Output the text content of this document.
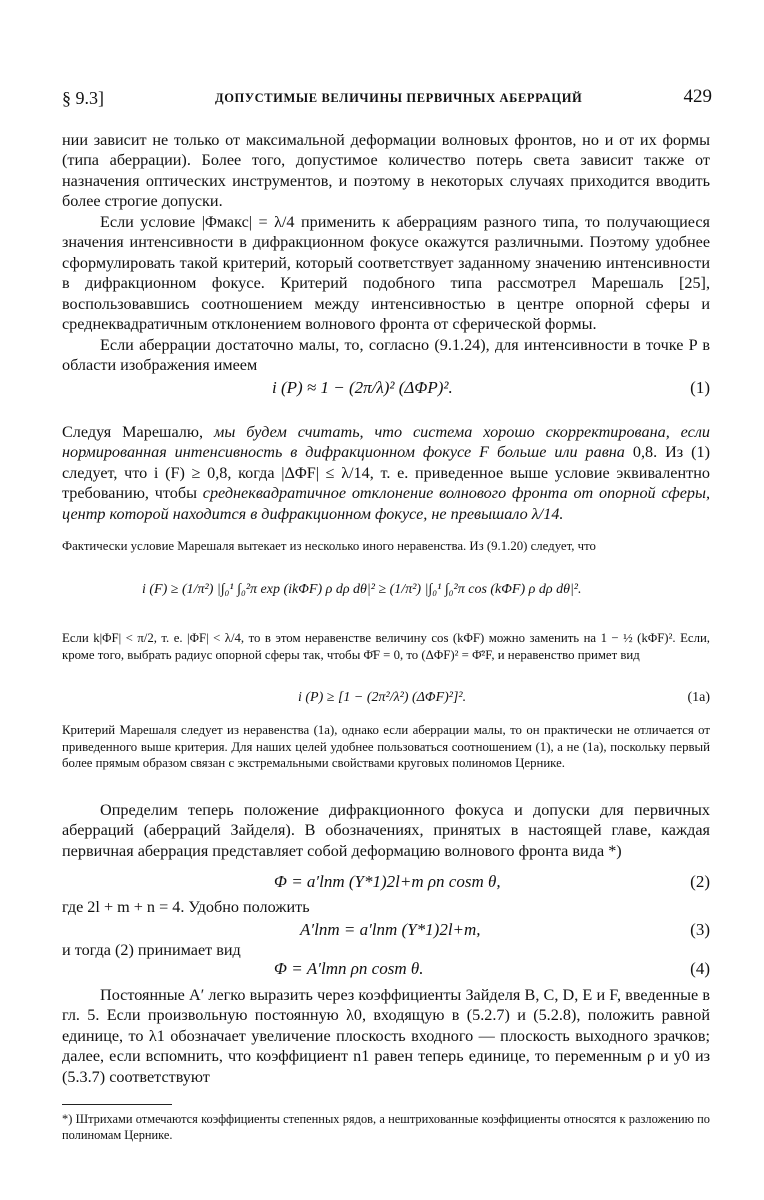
§ 9.3]	ДОПУСТИМЫЕ ВЕЛИЧИНЫ ПЕРВИЧНЫХ АБЕРРАЦИЙ	429

нии зависит не только от максимальной деформации волновых фронтов, но и от их формы (типа аберрации). Более того, допустимое количество потерь света зависит также от назначения оптических инструментов, и поэтому в некоторых случаях приходится вводить более строгие допуски.

Если условие |Φмакс| = λ/4 применить к аберрациям разного типа, то получающиеся значения интенсивности в дифракционном фокусе окажутся различными. Поэтому удобнее сформулировать такой критерий, который соответствует заданному значению интенсивности в дифракционном фокусе. Критерий подобного типа рассмотрел Марешаль [25], воспользовавшись соотношением между интенсивностью в центре опорной сферы и среднеквадратичным отклонением волнового фронта от сферической формы.

Если аберрации достаточно малы, то, согласно (9.1.24), для интенсивности в точке P в области изображения имеем

i (P) ≈ 1 − (2π/λ)² (ΔΦP)².	(1)

Следуя Марешалю, мы будем считать, что система хорошо скорректирована, если нормированная интенсивность в дифракционном фокусе F больше или равна 0,8. Из (1) следует, что i (F) ≥ 0,8, когда |ΔΦF| ≤ λ/14, т. е. приведенное выше условие эквивалентно требованию, чтобы среднеквадратичное отклонение волнового фронта от опорной сферы, центр которой находится в дифракционном фокусе, не превышало λ/14.

Фактически условие Марешаля вытекает из несколько иного неравенства. Из (9.1.20) следует, что

i (F) ≥ (1/π²) |∫₀¹ ∫₀²π exp (ikΦF) ρ dρ dθ|² ≥ (1/π²) |∫₀¹ ∫₀²π cos (kΦF) ρ dρ dθ|².

Если k|ΦF| < π/2, т. е. |ΦF| < λ/4, то в этом неравенстве величину cos (kΦF) можно заменить на 1 − ½ (kΦF)². Если, кроме того, выбрать радиус опорной сферы так, чтобы Φ̄F = 0, то (ΔΦF)² = Φ̄²F, и неравенство примет вид

i (P) ≥ [1 − (2π²/λ²) (ΔΦF)²]².	(1a)

Критерий Марешаля следует из неравенства (1a), однако если аберрации малы, то он практически не отличается от приведенного выше критерия. Для наших целей удобнее пользоваться соотношением (1), а не (1a), поскольку первый более прямым образом связан с экстремальными свойствами круговых полиномов Цернике.

Определим теперь положение дифракционного фокуса и допуски для первичных аберраций (аберраций Зайделя). В обозначениях, принятых в настоящей главе, каждая первичная аберрация представляет собой деформацию волнового фронта вида *)

Φ = a′lnm (Y*1)2l+m ρn cosm θ,	(2)

где 2l + m + n = 4. Удобно положить

A′lnm = a′lnm (Y*1)2l+m,	(3)

и тогда (2) принимает вид

Φ = A′lmn ρn cosm θ.	(4)

Постоянные A′ легко выразить через коэффициенты Зайделя B, C, D, E и F, введенные в гл. 5. Если произвольную постоянную λ0, входящую в (5.2.7) и (5.2.8), положить равной единице, то λ1 обозначает увеличение плоскость входного — плоскость выходного зрачков; далее, если вспомнить, что коэффициент n1 равен теперь единице, то переменным ρ и y0 из (5.3.7) соответствуют

*) Штрихами отмечаются коэффициенты степенных рядов, а нештрихованные коэффициенты относятся к разложению по полиномам Цернике.
